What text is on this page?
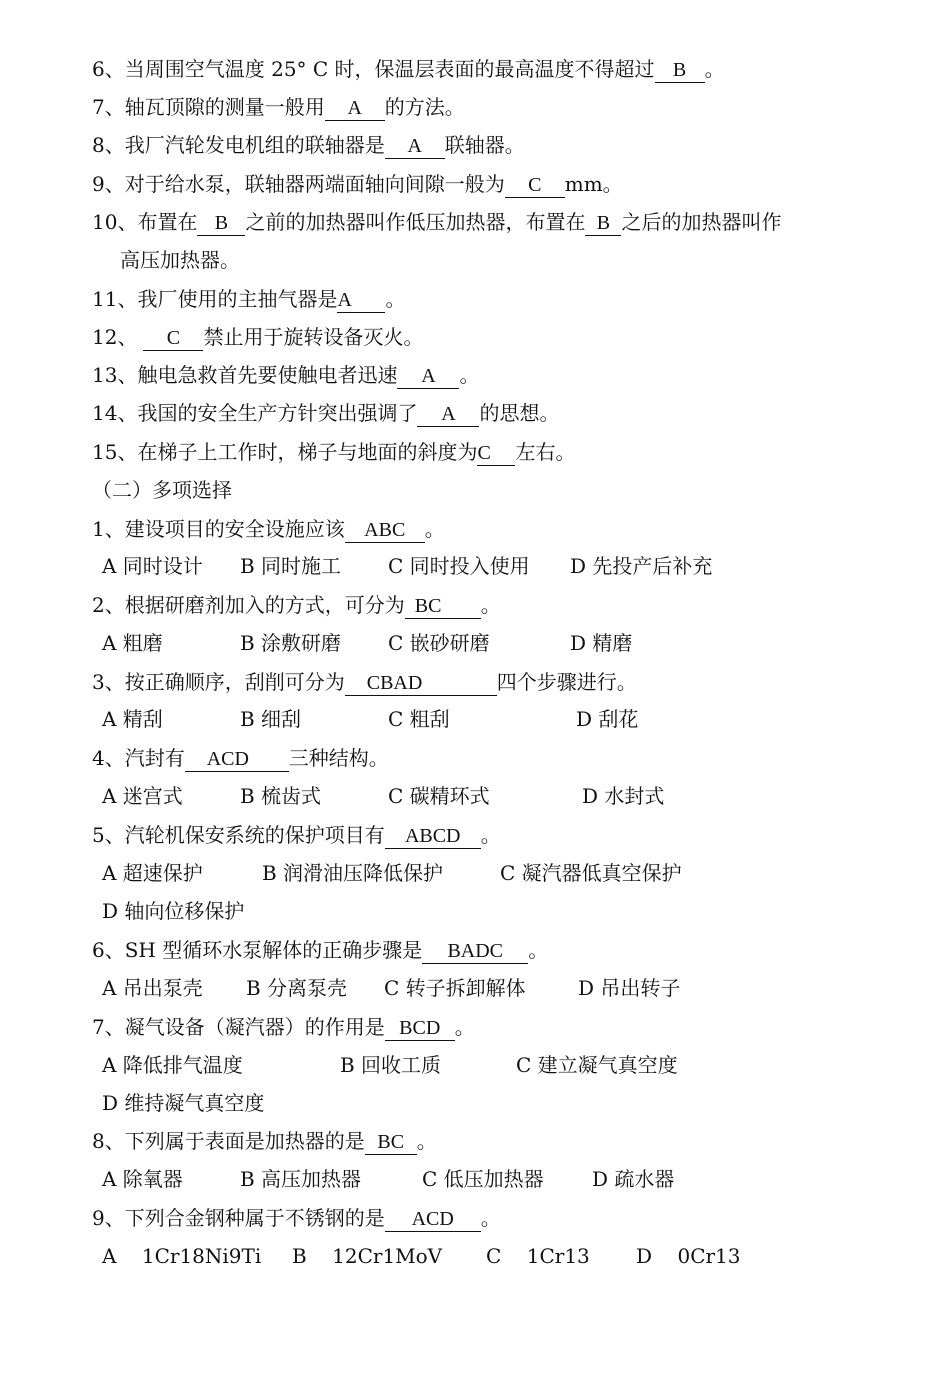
6、当周围空气温度 25° C 时，保温层表面的最高温度不得超过 B 。
7、轴瓦顶隙的测量一般用 A 的方法。
8、我厂汽轮发电机组的联轴器是 A 联轴器。
9、对于给水泵，联轴器两端面轴向间隙一般为 C mm。
10、布置在 B 之前的加热器叫作低压加热器，布置在 B 之后的加热器叫作
高压加热器。
11、我厂使用的主抽气器是A 。
12、 C 禁止用于旋转设备灭火。
13、触电急救首先要使触电者迅速 A 。
14、我国的安全生产方针突出强调了 A 的思想。
15、在梯子上工作时，梯子与地面的斜度为C 左右。
（二）多项选择
1、建设项目的安全设施应该 ABC 。
A 同时设计 B 同时施工 C 同时投入使用 D 先投产后补充
2、根据研磨剂加入的方式，可分为 BC 。
A 粗磨	B 涂敷研磨 C 嵌砂研磨	D 精磨
3、按正确顺序，刮削可分为 CBAD	四个步骤进行。
A 精刮	B 细刮	C 粗刮	D 刮花
4、汽封有 ACD 三种结构。
A 迷宫式	B 梳齿式	C 碳精环式	D 水封式
5、汽轮机保安系统的保护项目有 ABCD 。
A 超速保护	B 润滑油压降低保护	C 凝汽器低真空保护
D 轴向位移保护
6、SH 型循环水泵解体的正确步骤是 BADC 。
A 吊出泵壳 B 分离泵壳 C 转子拆卸解体	D 吊出转子
7、凝气设备（凝汽器）的作用是 BCD 。
A 降低排气温度	B 回收工质	C 建立凝气真空度
D 维持凝气真空度
8、下列属于表面是加热器的是 BC 。
A 除氧器	B 高压加热器	C 低压加热器 D 疏水器
9、下列合金钢种属于不锈钢的是 ACD 。

A    1Cr18Ni9Ti

B    12Cr1MoV

C    1Cr13

D    0Cr13
